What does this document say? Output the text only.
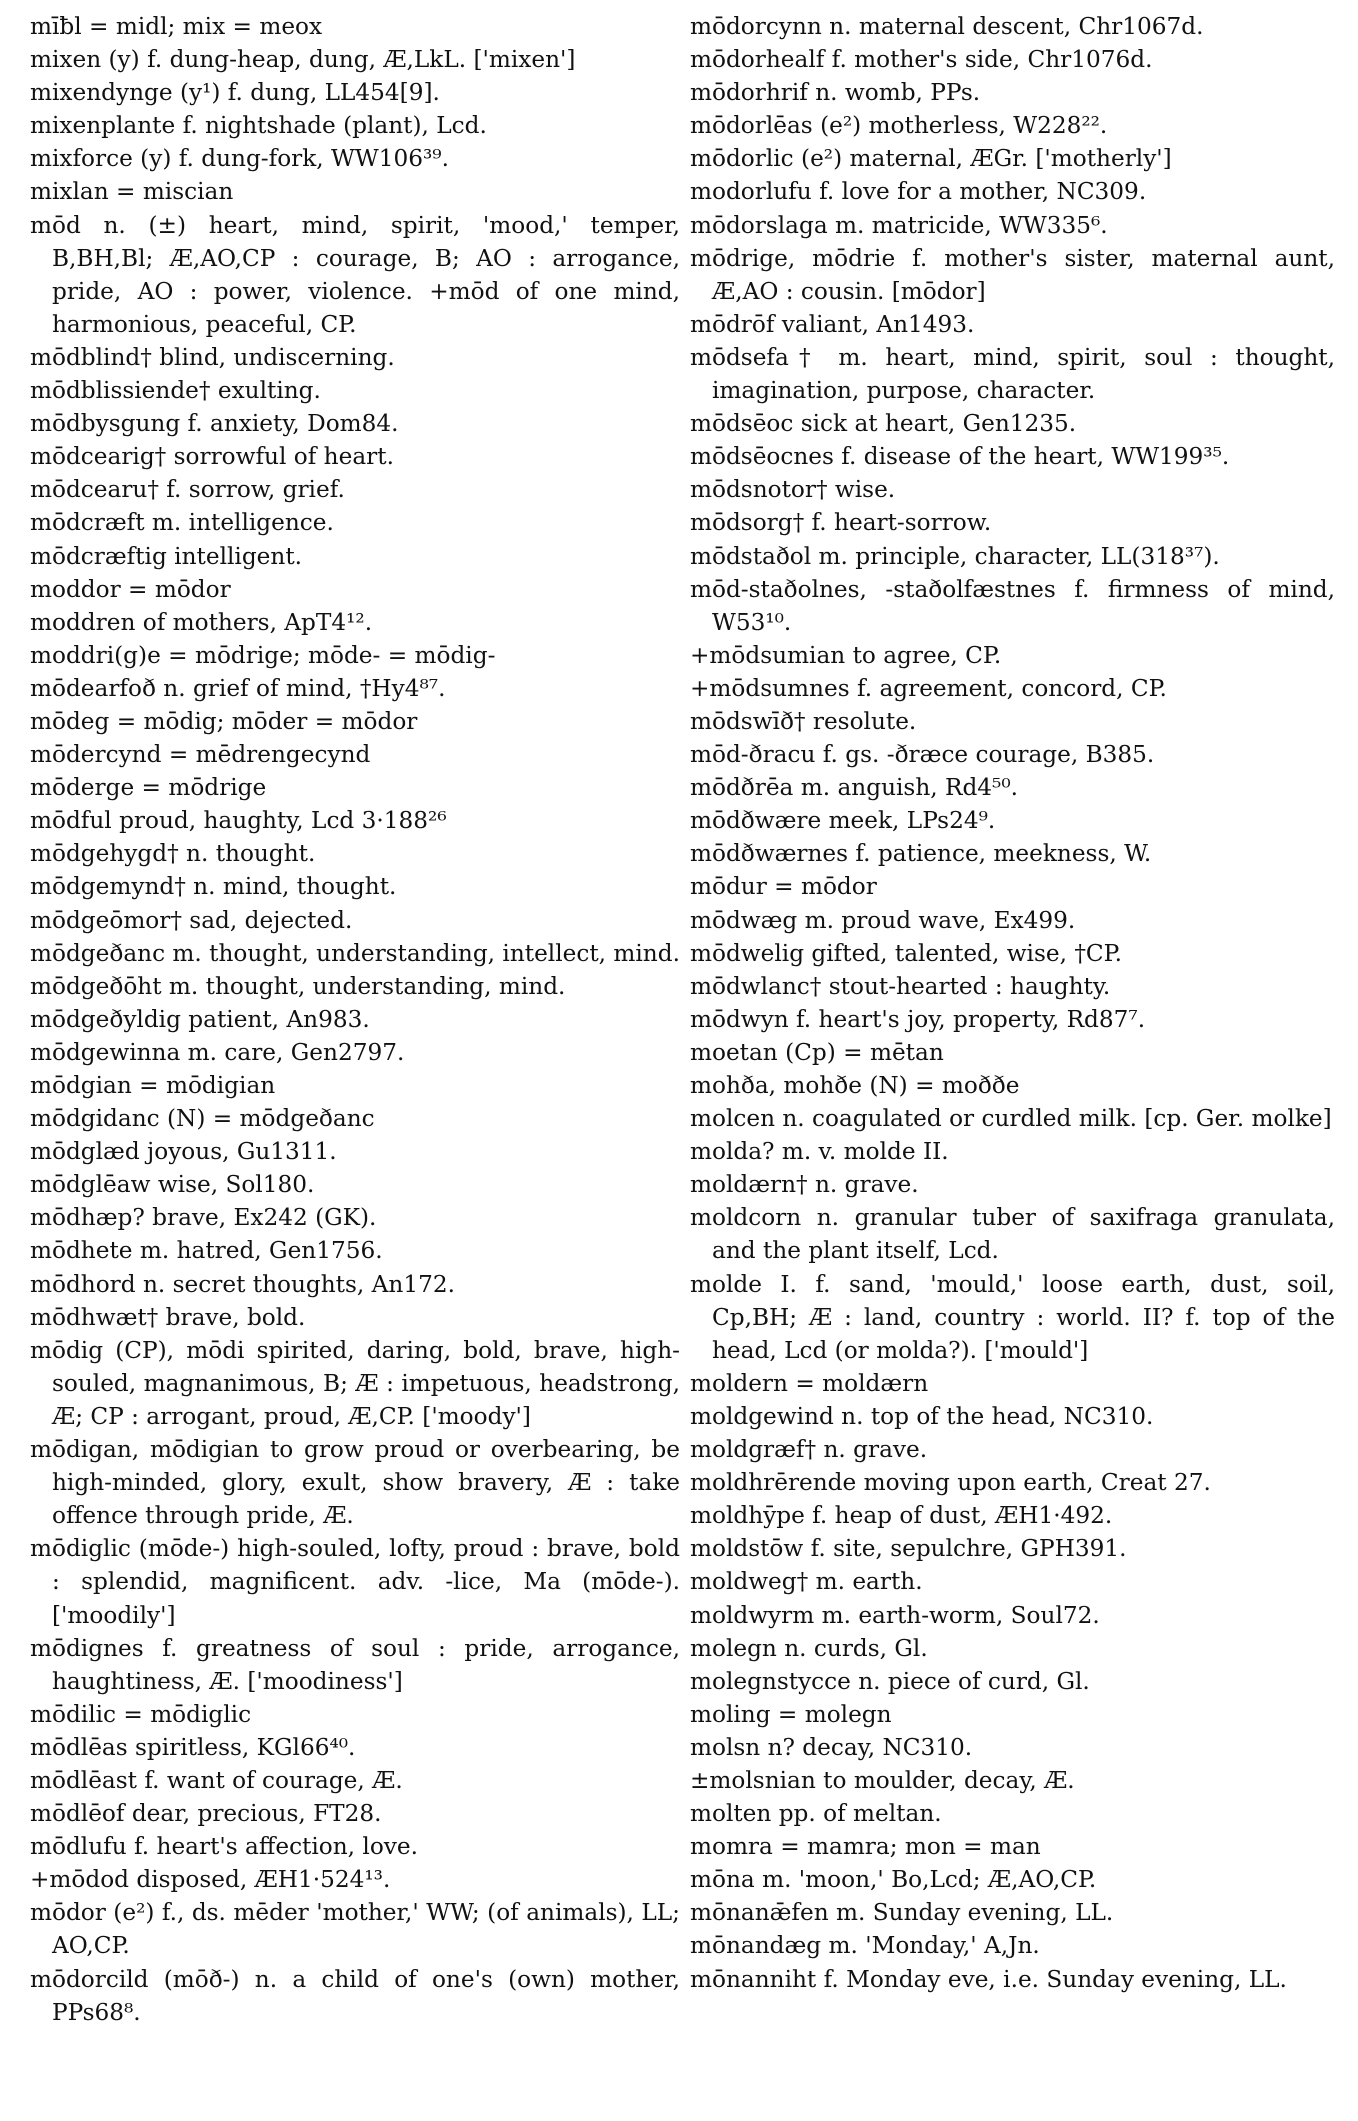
mīƀl = midl; mix = meox

mixen (y) f. dung-heap, dung, Æ,LkL. ['mixen']

mixendynge (y¹) f. dung, LL454[9].

mixenplante f. nightshade (plant), Lcd.

mixforce (y) f. dung-fork, WW106³⁹.

mixlan = miscian

mōd n. (±) heart, mind, spirit, 'mood,' temper, B,BH,Bl; Æ,AO,CP : courage, B; AO : arrogance, pride, AO : power, violence. +mōd of one mind, harmonious, peaceful, CP.

mōdblind† blind, undiscerning.

mōdblissiende† exulting.

mōdbysgung f. anxiety, Dom84.

mōdcearig† sorrowful of heart.

mōdcearu† f. sorrow, grief.

mōdcræft m. intelligence.

mōdcræftig intelligent.

moddor = mōdor

moddren of mothers, ApT4¹².

moddri(g)e = mōdrige; mōde- = mōdig-

mōdearfoð n. grief of mind, †Hy4⁸⁷.

mōdeg = mōdig; mōder = mōdor

mōdercynd = mēdrengecynd

mōderge = mōdrige

mōdful proud, haughty, Lcd 3·188²⁶

mōdgehygd† n. thought.

mōdgemynd† n. mind, thought.

mōdgeōmor† sad, dejected.

mōdgeðanc m. thought, understanding, intellect, mind.

mōdgeðōht m. thought, understanding, mind.

mōdgeðyldig patient, An983.

mōdgewinna m. care, Gen2797.

mōdgian = mōdigian

mōdgidanc (N) = mōdgeðanc

mōdglæd joyous, Gu1311.

mōdglēaw wise, Sol180.

mōdhæp? brave, Ex242 (GK).

mōdhete m. hatred, Gen1756.

mōdhord n. secret thoughts, An172.

mōdhwæt† brave, bold.

mōdig (CP), mōdi spirited, daring, bold, brave, high-souled, magnanimous, B; Æ : impetuous, headstrong, Æ; CP : arrogant, proud, Æ,CP. ['moody']

mōdigan, mōdigian to grow proud or overbearing, be high-minded, glory, exult, show bravery, Æ : take offence through pride, Æ.

mōdiglic (mōde-) high-souled, lofty, proud : brave, bold : splendid, magnificent. adv. -lice, Ma (mōde-). ['moodily']

mōdignes f. greatness of soul : pride, arrogance, haughtiness, Æ. ['moodiness']

mōdilic = mōdiglic

mōdlēas spiritless, KGl66⁴⁰.

mōdlēast f. want of courage, Æ.

mōdlēof dear, precious, FT28.

mōdlufu f. heart's affection, love.

+mōdod disposed, ÆH1·524¹³.

mōdor (e²) f., ds. mēder 'mother,' WW; (of animals), LL; AO,CP.

mōdorcild (mōð-) n. a child of one's (own) mother, PPs68⁸.

mōdorcynn n. maternal descent, Chr1067d.

mōdorhealf f. mother's side, Chr1076d.

mōdorhrif n. womb, PPs.

mōdorlēas (e²) motherless, W228²².

mōdorlic (e²) maternal, ÆGr. ['motherly']

modorlufu f. love for a mother, NC309.

mōdorslaga m. matricide, WW335⁶.

mōdrige, mōdrie f. mother's sister, maternal aunt, Æ,AO : cousin. [mōdor]

mōdrōf valiant, An1493.

mōdsefa† m. heart, mind, spirit, soul : thought, imagination, purpose, character.

mōdsēoc sick at heart, Gen1235.

mōdsēocnes f. disease of the heart, WW199³⁵.

mōdsnotor† wise.

mōdsorg† f. heart-sorrow.

mōdstaðol m. principle, character, LL(318³⁷).

mōd-staðolnes, -staðolfæstnes f. firmness of mind, W53¹⁰.

+mōdsumian to agree, CP.

+mōdsumnes f. agreement, concord, CP.

mōdswīð† resolute.

mōd-ðracu f. gs. -ðræce courage, B385.

mōdðrēa m. anguish, Rd4⁵⁰.

mōdðwære meek, LPs24⁹.

mōdðwærnes f. patience, meekness, W.

mōdur = mōdor

mōdwæg m. proud wave, Ex499.

mōdwelig gifted, talented, wise, †CP.

mōdwlanc† stout-hearted : haughty.

mōdwyn f. heart's joy, property, Rd87⁷.

moetan (Cp) = mētan

mohða, mohðe (N) = moððe

molcen n. coagulated or curdled milk. [cp. Ger. molke]

molda? m. v. molde II.

moldærn† n. grave.

moldcorn n. granular tuber of saxifraga granulata, and the plant itself, Lcd.

molde I. f. sand, 'mould,' loose earth, dust, soil, Cp,BH; Æ : land, country : world. II? f. top of the head, Lcd (or molda?). ['mould']

moldern = moldærn

moldgewind n. top of the head, NC310.

moldgræf† n. grave.

moldhrērende moving upon earth, Creat 27.

moldhȳpe f. heap of dust, ÆH1·492.

moldstōw f. site, sepulchre, GPH391.

moldweg† m. earth.

moldwyrm m. earth-worm, Soul72.

molegn n. curds, Gl.

molegnstycce n. piece of curd, Gl.

moling = molegn

molsn n? decay, NC310.

±molsnian to moulder, decay, Æ.

molten pp. of meltan.

momra = mamra; mon = man

mōna m. 'moon,' Bo,Lcd; Æ,AO,CP.

mōnanǣfen m. Sunday evening, LL.

mōnandæg m. 'Monday,' A,Jn.

mōnanniht f. Monday eve, i.e. Sunday evening, LL.
